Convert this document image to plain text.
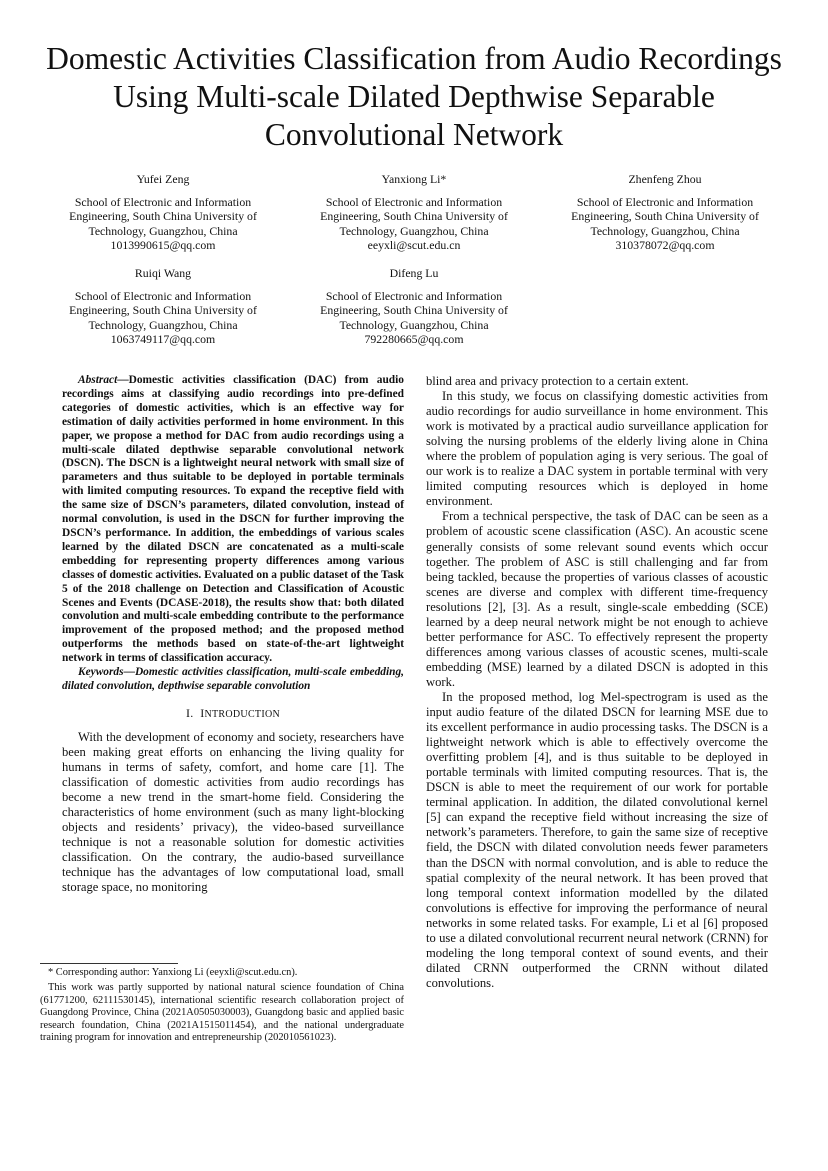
Domestic Activities Classification from Audio Recordings Using Multi-scale Dilated Depthwise Separable Convolutional Network
Yufei Zeng
School of Electronic and Information
Engineering, South China University of
Technology, Guangzhou, China
1013990615@qq.com
Yanxiong Li*
School of Electronic and Information
Engineering, South China University of
Technology, Guangzhou, China
eeyxli@scut.edu.cn
Zhenfeng Zhou
School of Electronic and Information
Engineering, South China University of
Technology, Guangzhou, China
310378072@qq.com
Ruiqi Wang
School of Electronic and Information
Engineering, South China University of
Technology, Guangzhou, China
1063749117@qq.com
Difeng Lu
School of Electronic and Information
Engineering, South China University of
Technology, Guangzhou, China
792280665@qq.com

Abstract—Domestic activities classification (DAC) from audio recordings aims at classifying audio recordings into pre-defined categories of domestic activities, which is an effective way for estimation of daily activities performed in home environment. In this paper, we propose a method for DAC from audio recordings using a multi-scale dilated depthwise separable convolutional network (DSCN). The DSCN is a lightweight neural network with small size of parameters and thus suitable to be deployed in portable terminals with limited computing resources. To expand the receptive field with the same size of DSCN’s parameters, dilated convolution, instead of normal convolution, is used in the DSCN for further improving the DSCN’s performance. In addition, the embeddings of various scales learned by the dilated DSCN are concatenated as a multi-scale embedding for representing property differences among various classes of domestic activities. Evaluated on a public dataset of the Task 5 of the 2018 challenge on Detection and Classification of Acoustic Scenes and Events (DCASE-2018), the results show that: both dilated convolution and multi-scale embedding contribute to the performance improvement of the proposed method; and the proposed method outperforms the methods based on state-of-the-art lightweight network in terms of classification accuracy.

Keywords—Domestic activities classification, multi-scale embedding, dilated convolution, depthwise separable convolution

I. INTRODUCTION

With the development of economy and society, researchers have been making great efforts on enhancing the living quality for humans in terms of safety, comfort, and home care [1]. The classification of domestic activities from audio recordings has become a new trend in the smart-home field. Considering the characteristics of home environment (such as many light-blocking objects and residents’ privacy), the video-based surveillance technique is not a reasonable solution for domestic activities classification. On the contrary, the audio-based surveillance technique has the advantages of low computational load, small storage space, no monitoring

* Corresponding author: Yanxiong Li (eeyxli@scut.edu.cn).

This work was partly supported by national natural science foundation of China (61771200, 62111530145), international scientific research collaboration project of Guangdong Province, China (2021A0505030003), Guangdong basic and applied basic research foundation, China (2021A1515011454), and the national undergraduate training program for innovation and entrepreneurship (202010561023).

blind area and privacy protection to a certain extent.

In this study, we focus on classifying domestic activities from audio recordings for audio surveillance in home environment. This work is motivated by a practical audio surveillance application for solving the nursing problems of the elderly living alone in China where the problem of population aging is very serious. The goal of our work is to realize a DAC system in portable terminal with very limited computing resources which is deployed in home environment.

From a technical perspective, the task of DAC can be seen as a problem of acoustic scene classification (ASC). An acoustic scene generally consists of some relevant sound events which occur together. The problem of ASC is still challenging and far from being tackled, because the properties of various classes of acoustic scenes are diverse and complex with different time-frequency resolutions [2], [3]. As a result, single-scale embedding (SCE) learned by a deep neural network might be not enough to achieve better performance for ASC. To effectively represent the property differences among various classes of acoustic scenes, multi-scale embedding (MSE) learned by a dilated DSCN is adopted in this work.

In the proposed method, log Mel-spectrogram is used as the input audio feature of the dilated DSCN for learning MSE due to its excellent performance in audio processing tasks. The DSCN is a lightweight network which is able to effectively overcome the overfitting problem [4], and is thus suitable to be deployed in portable terminals with limited computing resources. That is, the DSCN is able to meet the requirement of our work for portable terminal application. In addition, the dilated convolutional kernel [5] can expand the receptive field without increasing the size of network’s parameters. Therefore, to gain the same size of receptive field, the DSCN with dilated convolution needs fewer parameters than the DSCN with normal convolution, and is able to reduce the spatial complexity of the neural network. It has been proved that long temporal context information modelled by the dilated convolutions is effective for improving the performance of neural networks in some related tasks. For example, Li et al [6] proposed to use a dilated convolutional recurrent neural network (CRNN) for modeling the long temporal context of sound events, and their dilated CRNN outperformed the CRNN without dilated convolutions.
